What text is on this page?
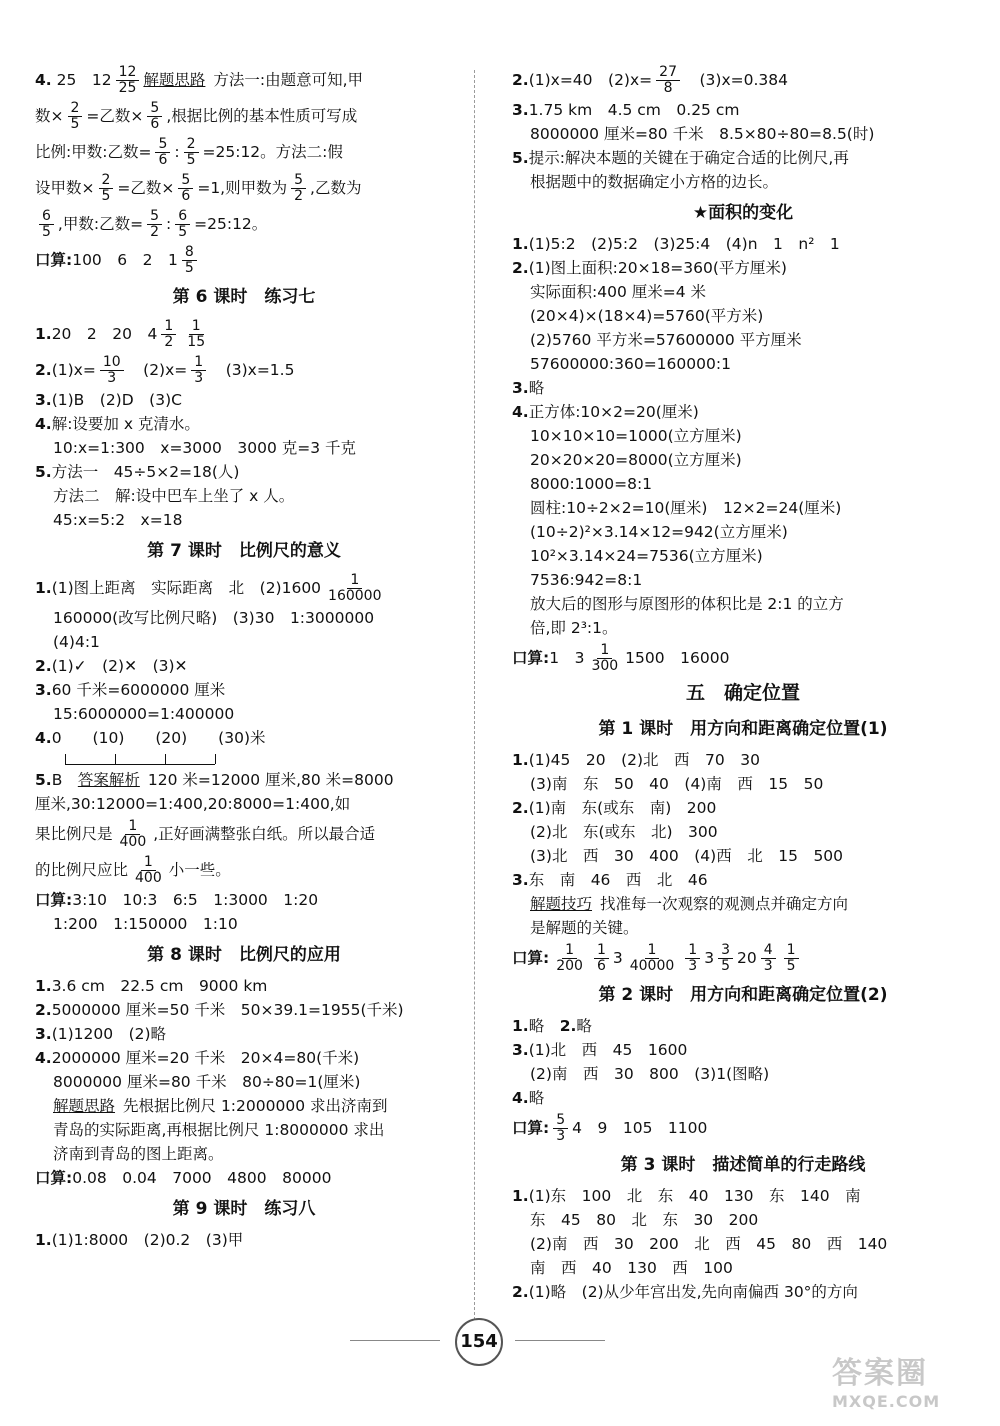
4. 25　$12 \frac{12}{25}$ 解题思路 方法一:由题意可知,甲
数× $\frac{2}{5}$ =乙数× $\frac{5}{6}$ ,根据比例的基本性质可写成
比例:甲数:乙数= $\frac{5}{6}$ : $\frac{2}{5}$ =25:12。方法二:假
设甲数× $\frac{2}{5}$ =乙数× $\frac{5}{6} =1$,则甲数为 $\frac{5}{2}$ ,乙数为
$\frac{6}{5}$ ,甲数:乙数= $\frac{5}{2}$ : $\frac{6}{5}$ =25:12。
口算:100　6　2　$1 \frac{8}{5}$
第 6 课时　练习七
1.20　2　20　$4 \frac{1}{2} \frac{1}{15}$
$2.(1)x= \frac{10}{3}$ 　$(2)x= \frac{1}{3}$ 　(3)x=1.5
3.(1)B　(2)D　(3)C
4.解:设要加 x 克清水。
10:x=1:300　x=3000　3000 克=3 千克
5.方法一　45÷5×2=18(人)
方法二　解:设中巴车上坐了 x 人。
45:x=5:2　x=18
第 7 课时　比例尺的意义
1.(1)图上距离　实际距离　北　$(2)1600 \frac{1}{160000}$
160000(改写比例尺略)　(3)30　1:3000000
(4)4:1
2.(1)✓　(2)✕　(3)✕
3.60 千米=6000000 厘米
15:6000000=1:400000
4.0　　(10)　　(20)　　(30)米
5.B　答案解析 120 米=12000 厘米,80 米=8000
厘米,30:12000=1:400,20:8000=1:400,如
果比例尺是 $\frac{1}{400}$ ,正好画满整张白纸。所以最合适
的比例尺应比 $\frac{1}{400}$ 小一些。
口算:3:10　10:3　6:5　1:3000　1:20
1:200　1:150000　1:10
第 8 课时　比例尺的应用
1.3.6 cm　22.5 cm　9000 km
2.5000000 厘米=50 千米　50×39.1=1955(千米)
3.(1)1200　(2)略
4.2000000 厘米=20 千米　20×4=80(千米)
8000000 厘米=80 千米　80÷80=1(厘米)
解题思路 先根据比例尺 1:2000000 求出济南到
青岛的实际距离,再根据比例尺 1:8000000 求出
济南到青岛的图上距离。
口算:0.08　0.04　7000　4800　80000
第 9 课时　练习八
1.(1)1:8000　(2)0.2　(3)甲
2.(1)x=40　$(2)x= \frac{27}{8}$ 　(3)x=0.384
3.1.75 km　4.5 cm　0.25 cm
8000000 厘米=80 千米　8.5×80÷80=8.5(时)
5.提示:解决本题的关键在于确定合适的比例尺,再
根据题中的数据确定小方格的边长。
★面积的变化
1.(1)5:2　(2)5:2　(3)25:4　(4)n　1　n²　1
2.(1)图上面积:20×18=360(平方厘米)
实际面积:400 厘米=4 米
(20×4)×(18×4)=5760(平方米)
(2)5760 平方米=57600000 平方厘米
57600000:360=160000:1
3.略
4.正方体:10×2=20(厘米)
10×10×10=1000(立方厘米)
20×20×20=8000(立方厘米)
8000:1000=8:1
圆柱:10÷2×2=10(厘米)　12×2=24(厘米)
(10÷2)²×3.14×12=942(立方厘米)
10²×3.14×24=7536(立方厘米)
7536:942=8:1
放大后的图形与原图形的体积比是 2:1 的立方
倍,即 2³:1。
口算:1　$3 \frac{1}{300} 1500$　16000
五　确定位置
第 1 课时　用方向和距离确定位置(1)
1.(1)45　20　(2)北　西　70　30
(3)南　东　50　40　(4)南　西　15　50
2.(1)南　东(或东　南)　200
(2)北　东(或东　北)　300
(3)北　西　30　400　(4)西　北　15　500
3.东　南　46　西　北　46
解题技巧 找准每一次观察的观测点并确定方向
是解题的关键。
口算: $\frac{1}{200} \frac{1}{6} 3 \frac{1}{40000} \frac{1}{3} 3 \frac{3}{5} 20 \frac{4}{3} \frac{1}{5}$
第 2 课时　用方向和距离确定位置(2)
1.略　2.略
3.(1)北　西　45　1600
(2)南　西　30　800　(3)1(图略)
4.略
口算: $\frac{5}{3} 4$　9　105　1100
第 3 课时　描述简单的行走路线
1.(1)东　100　北　东　40　130　东　140　南
东　45　80　北　东　30　200
(2)南　西　30　200　北　西　45　80　西　140
南　西　40　130　西　100
2.(1)略　(2)从少年宫出发,先向南偏西 30°的方向
154
答案圈
MXQE.COM
